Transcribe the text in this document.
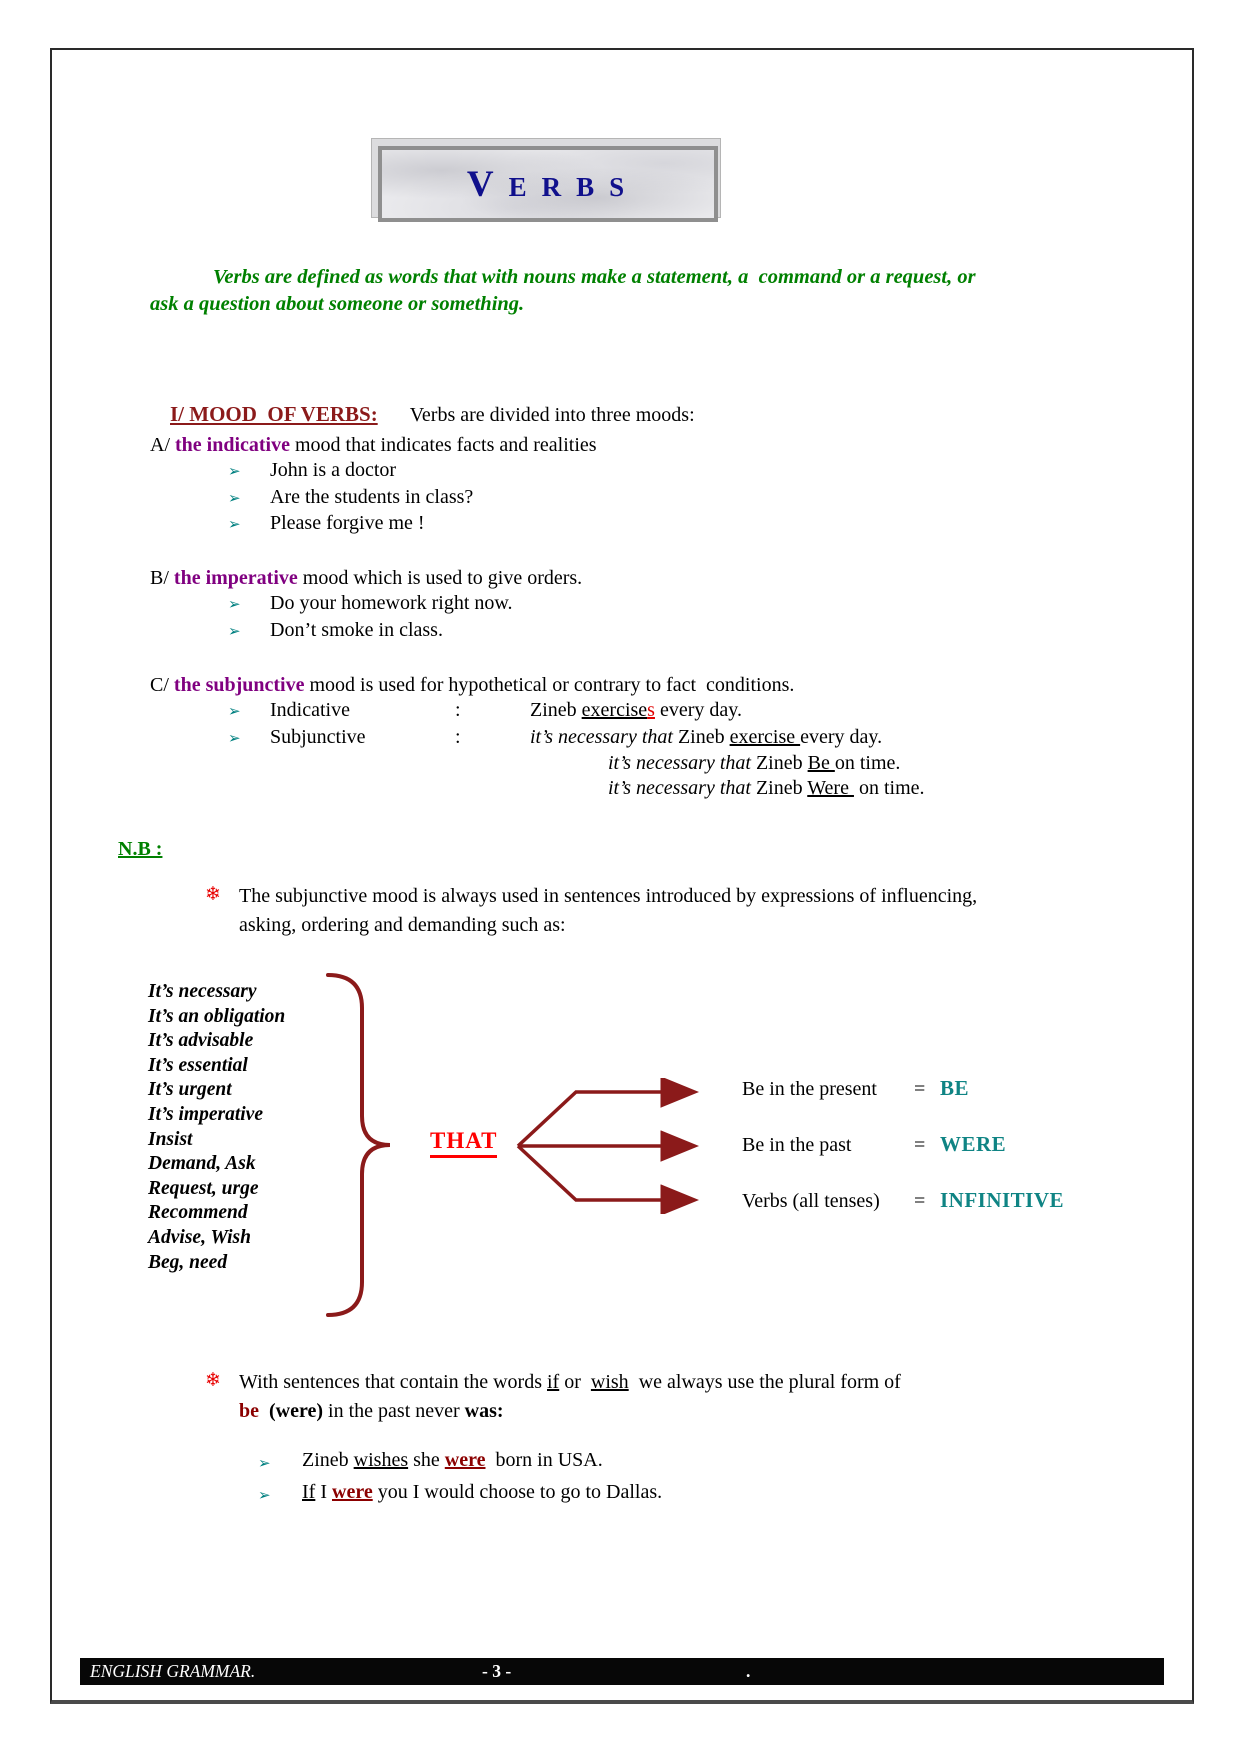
VERBS
Verbs are defined as words that with nouns make a statement, a  command or a request, or ask a question about someone or something.

I/ MOOD  OF VERBS: Verbs are divided into three moods:

A/ the indicative mood that indicates facts and realities
➢	John is a doctor
➢	Are the students in class?
➢	Please forgive me !
B/ the imperative mood which is used to give orders.
➢	Do your homework right now.
➢	Don’t smoke in class.
C/ the subjunctive mood is used for hypothetical or contrary to fact  conditions.
➢	Indicative	:	Zineb exercises every day.
➢	Subjunctive	:	it’s necessary that Zineb exercise every day.
it’s necessary that Zineb Be on time.
it’s necessary that Zineb Were  on time.
N.B :
❄ The subjunctive mood is always used in sentences introduced by expressions of influencing, asking, ordering and demanding such as:
It’s necessary
It’s an obligation
It’s advisable
It’s essential
It’s urgent
It’s imperative
Insist
Demand, Ask
Request, urge
Recommend
Advise, Wish
Beg, need
THAT
Be in the present	= BE
Be in the past	= WERE
Verbs (all tenses)	= INFINITIVE
❄ With sentences that contain the words if or  wish  we always use the plural form of  be (were) in the past never was:
➢	Zineb wishes she were  born in USA.
➢	If I were you I would choose to go to Dallas.
ENGLISH GRAMMAR.	- 3 -	.
